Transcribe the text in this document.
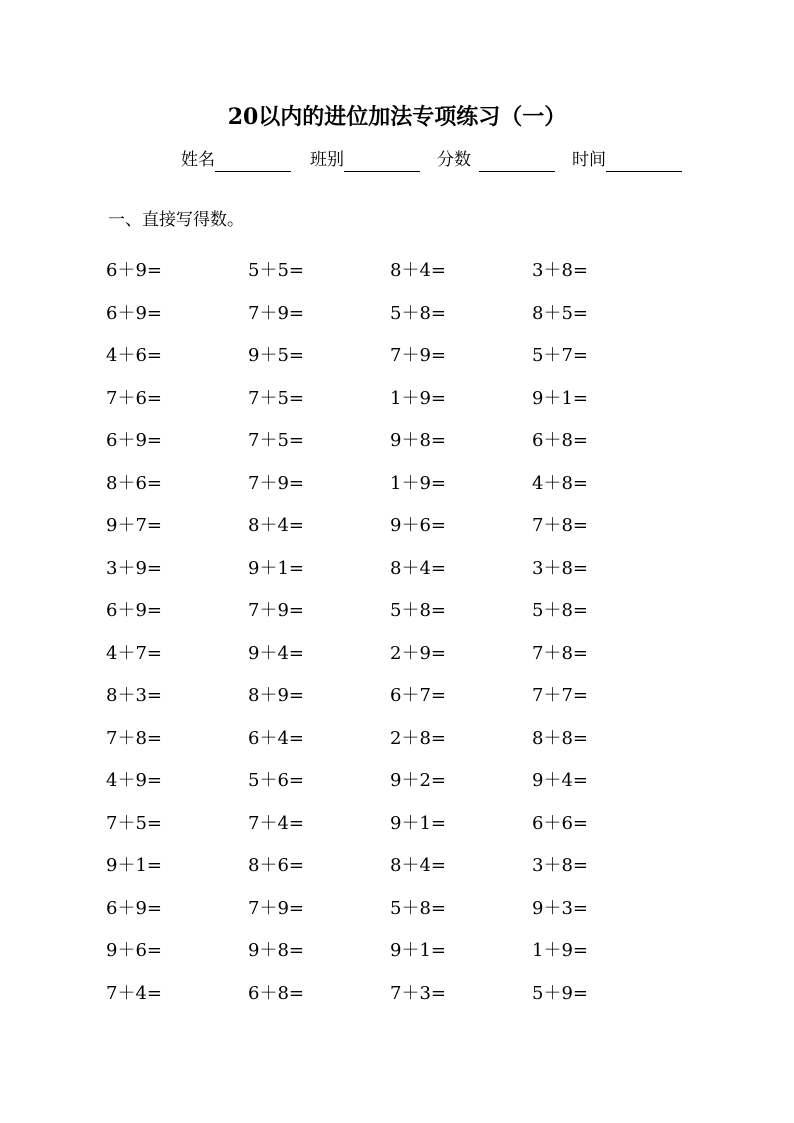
20以内的进位加法专项练习（一）
姓名	班别	分数	时间
一、直接写得数。
6＋9=	5＋5=	8＋4=	3＋8=
6＋9=	7＋9=	5＋8=	8＋5=
4＋6=	9＋5=	7＋9=	5＋7=
7＋6=	7＋5=	1＋9=	9＋1=
6＋9=	7＋5=	9＋8=	6＋8=
8＋6=	7＋9=	1＋9=	4＋8=
9＋7=	8＋4=	9＋6=	7＋8=
3＋9=	9＋1=	8＋4=	3＋8=
6＋9=	7＋9=	5＋8=	5＋8=
4＋7=	9＋4=	2＋9=	7＋8=
8＋3=	8＋9=	6＋7=	7＋7=
7＋8=	6＋4=	2＋8=	8＋8=
4＋9=	5＋6=	9＋2=	9＋4=
7＋5=	7＋4=	9＋1=	6＋6=
9＋1=	8＋6=	8＋4=	3＋8=
6＋9=	7＋9=	5＋8=	9＋3=
9＋6=	9＋8=	9＋1=	1＋9=
7＋4=	6＋8=	7＋3=	5＋9=
